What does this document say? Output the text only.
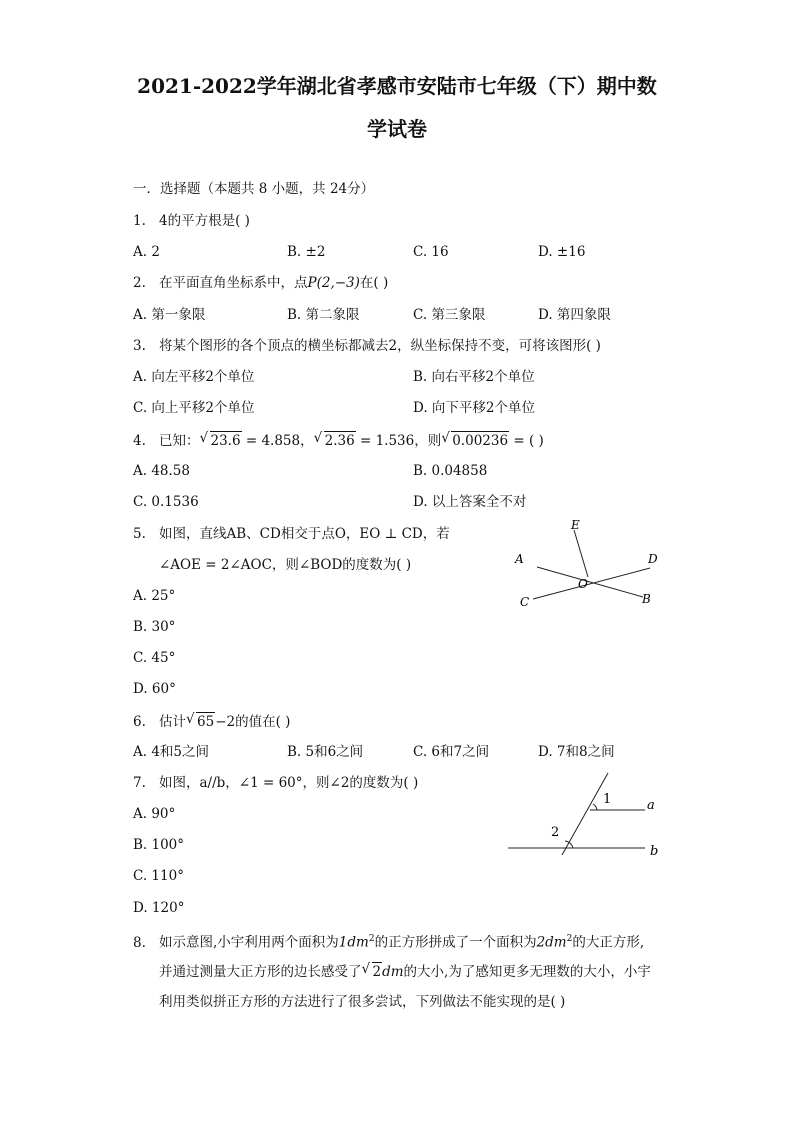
2021-2022学年湖北省孝感市安陆市七年级（下）期中数
学试卷
一．选择题（本题共 8 小题，共 24分）
1. 4的平方根是( )
A. 2	B. ±2	C. 16	D. ±16
2. 在平面直角坐标系中，点P(2,−3)在( )
A. 第一象限	B. 第二象限	C. 第三象限	D. 第四象限
3. 将某个图形的各个顶点的横坐标都减去2，纵坐标保持不变，可将该图形( )
A. 向左平移2个单位	B. 向右平移2个单位
C. 向上平移2个单位	D. 向下平移2个单位
4. 已知： √ 23.6 = 4.858， √ 2.36 = 1.536，则 √ 0.00236 = ( )
A. 48.58	B. 0.04858
C. 0.1536	D. 以上答案全不对
5. 如图，直线AB、CD相交于点O，EO ⊥ CD，若
∠AOE = 2∠AOC，则∠BOD的度数为( )
A. 25°
B. 30°
C. 45°
D. 60°
E
D
A
O
C	B
6. 估计 √ 65−2的值在( )
A. 4和5之间	B. 5和6之间	C. 6和7之间	D. 7和8之间
7. 如图，a//b，∠1 = 60°，则∠2的度数为( )
A. 90°
B. 100°
C. 110°
D. 120°
1
2
a
b
8. 如示意图,小宇利用两个面积为$1dm^2$的正方形拼成了一个面积为$2dm^2$的大正方形,
并通过测量大正方形的边长感受了 √ 2dm的大小,为了感知更多无理数的大小，小宇
利用类似拼正方形的方法进行了很多尝试，下列做法不能实现的是( )
